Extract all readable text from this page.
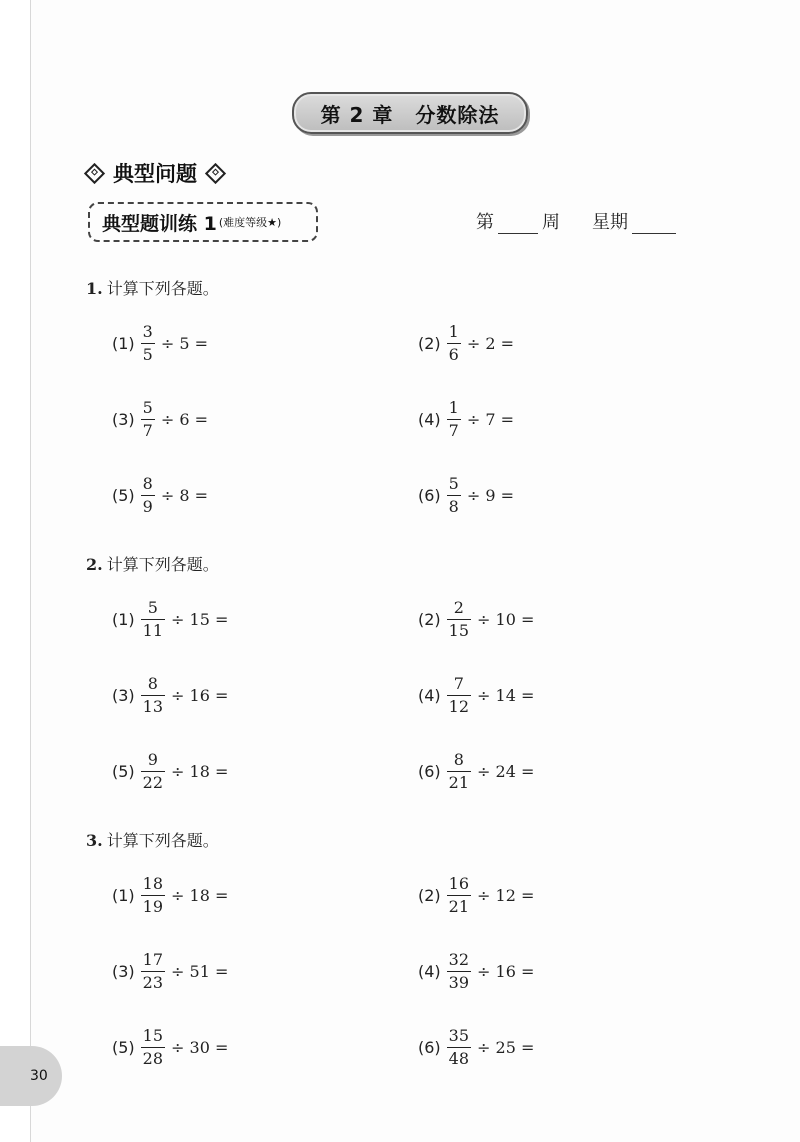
第 2 章 分数除法
典型问题
典型题训练 1 (难度等级★)	第	周 星期
1. 计算下列各题。
$(1) \frac{3}{5} \div 5$ =	$(2) \frac{1}{6} \div 2$ =
$(3) \frac{5}{7} \div 6$ =	$(4) \frac{1}{7} \div 7$ =
$(5) \frac{8}{9} \div 8$ =	$(6) \frac{5}{8} \div 9$ =
2. 计算下列各题。
$(1) \frac{5}{11} \div 15$ =	$(2) \frac{2}{15} \div 10$ =
$(3) \frac{8}{13} \div 16$ =	$(4) \frac{7}{12} \div 14$ =
$(5) \frac{9}{22} \div 18$ =	$(6) \frac{8}{21} \div 24$ =
3. 计算下列各题。
$(1) \frac{18}{19} \div 18$ =	$(2) \frac{16}{21} \div 12$ =
$(3) \frac{17}{23} \div 51$ =	$(4) \frac{32}{39} \div 16$ =
$(5) \frac{15}{28} \div 30$ =	$(6) \frac{35}{48} \div 25$ =
30
